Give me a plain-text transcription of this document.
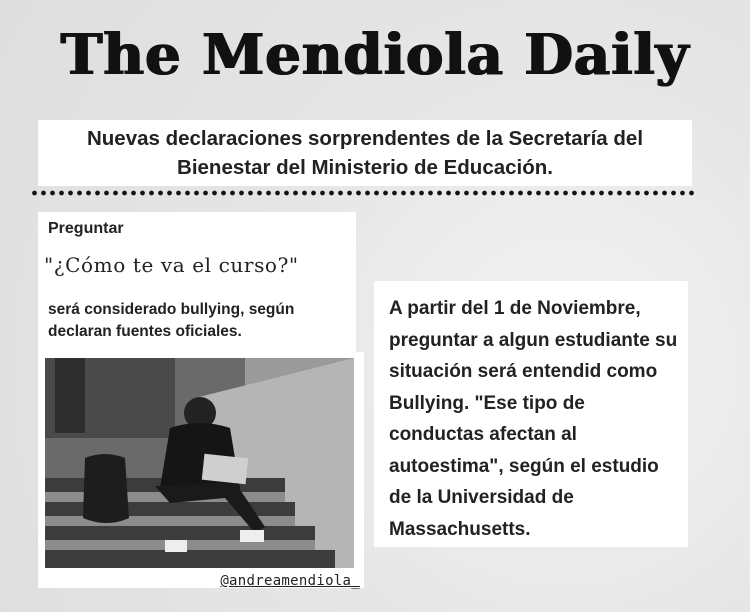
The Mendiola Daily
Nuevas declaraciones sorprendentes de la Secretaría del
Bienestar del Ministerio de Educación.
Preguntar
"¿Cómo te va el curso?"
será considerado bullying, según declaran fuentes oficiales.
@andreamendiola_
A partir del 1 de Noviembre, preguntar a algun estudiante su situación será entendid como Bullying. "Ese tipo de conductas afectan al autoestima", según el estudio de la Universidad de Massachusetts.
